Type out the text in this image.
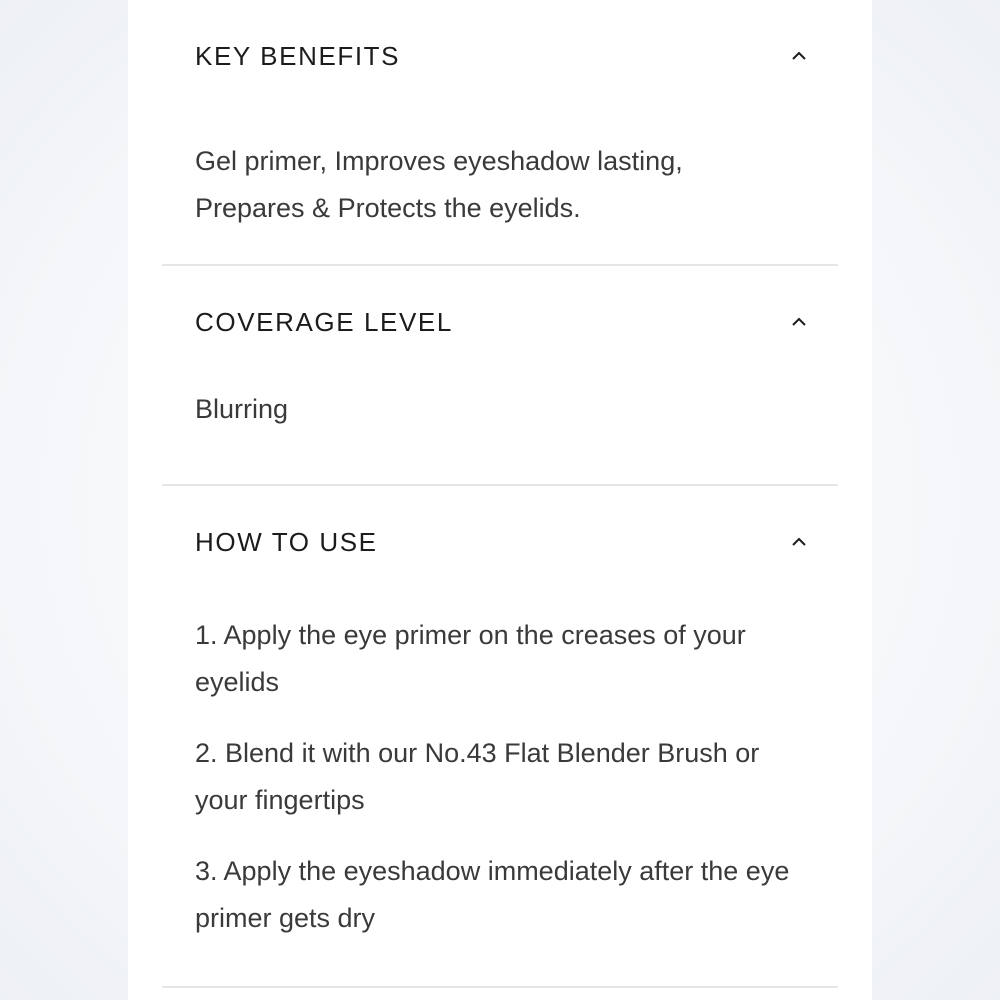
KEY BENEFITS
Gel primer, Improves eyeshadow lasting, Prepares & Protects the eyelids.
COVERAGE LEVEL
Blurring
HOW TO USE

1. Apply the eye primer on the creases of your eyelids

2. Blend it with our No.43 Flat Blender Brush or your fingertips

3. Apply the eyeshadow immediately after the eye primer gets dry
